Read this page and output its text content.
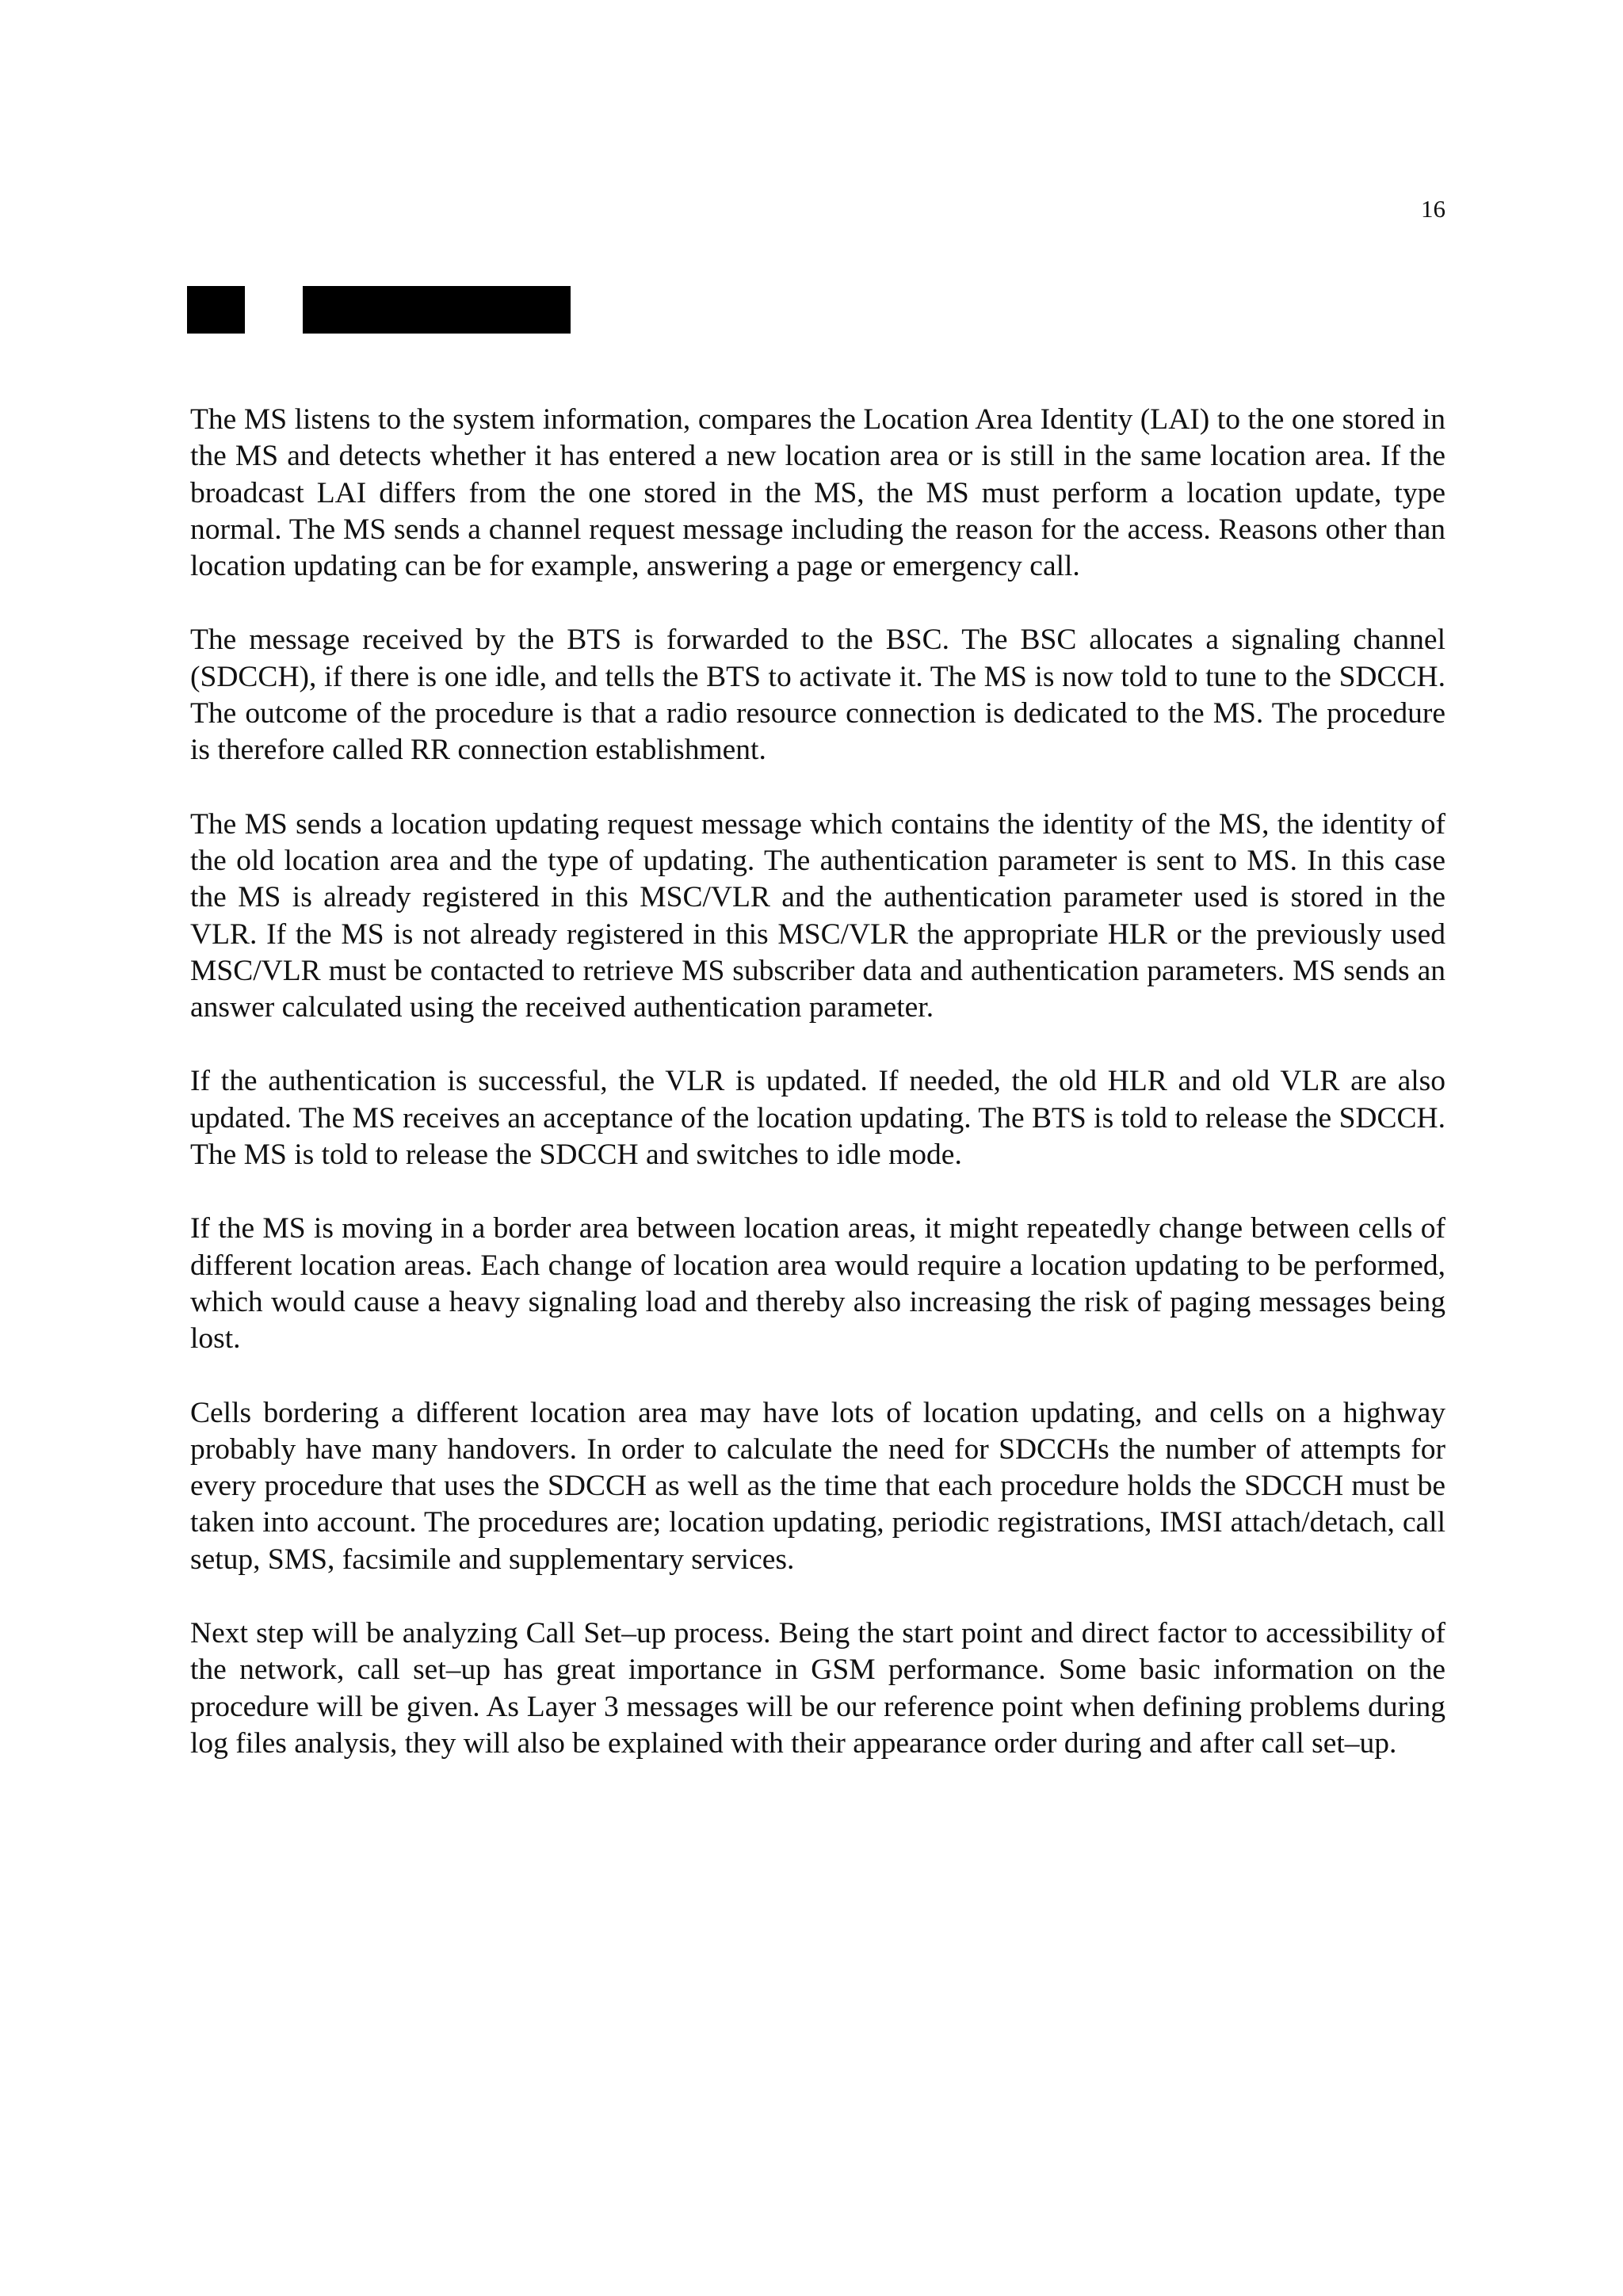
16

The MS listens to the system information, compares the Location Area Identity (LAI) to the one stored in the MS and detects whether it has entered a new location area or is still in the same location area. If the broadcast LAI differs from the one stored in the MS, the MS must perform a location update, type normal. The MS sends a channel request message including the reason for the access. Reasons other than location updating can be for example, answering a page or emergency call.

The message received by the BTS is forwarded to the BSC. The BSC allocates a signaling channel (SDCCH), if there is one idle, and tells the BTS to activate it. The MS is now told to tune to the SDCCH. The outcome of the procedure is that a radio resource connection is dedicated to the MS. The procedure is therefore called RR connection establishment.

The MS sends a location updating request message which contains the identity of the MS, the identity of the old location area and the type of updating. The authentication parameter is sent to MS. In this case the MS is already registered in this MSC/VLR and the authentication parameter used is stored in the VLR. If the MS is not already registered in this MSC/VLR the appropriate HLR or the previously used MSC/VLR must be contacted to retrieve MS subscriber data and authentication parameters. MS sends an answer calculated using the received authentication parameter.

If the authentication is successful, the VLR is updated. If needed, the old HLR and old VLR are also updated. The MS receives an acceptance of the location updating. The BTS is told to release the SDCCH. The MS is told to release the SDCCH and switches to idle mode.

If the MS is moving in a border area between location areas, it might repeatedly change between cells of different location areas. Each change of location area would require a location updating to be performed, which would cause a heavy signaling load and thereby also increasing the risk of paging messages being lost.

Cells bordering a different location area may have lots of location updating, and cells on a highway probably have many handovers. In order to calculate the need for SDCCHs the number of attempts for every procedure that uses the SDCCH as well as the time that each procedure holds the SDCCH must be taken into account. The procedures are; location updating, periodic registrations, IMSI attach/detach, call setup, SMS, facsimile and supplementary services.

Next step will be analyzing Call Set–up process. Being the start point and direct factor to accessibility of the network, call set–up has great importance in GSM performance. Some basic information on the procedure will be given. As Layer 3 messages will be our reference point when defining problems during log files analysis, they will also be explained with their appearance order during and after call set–up.
